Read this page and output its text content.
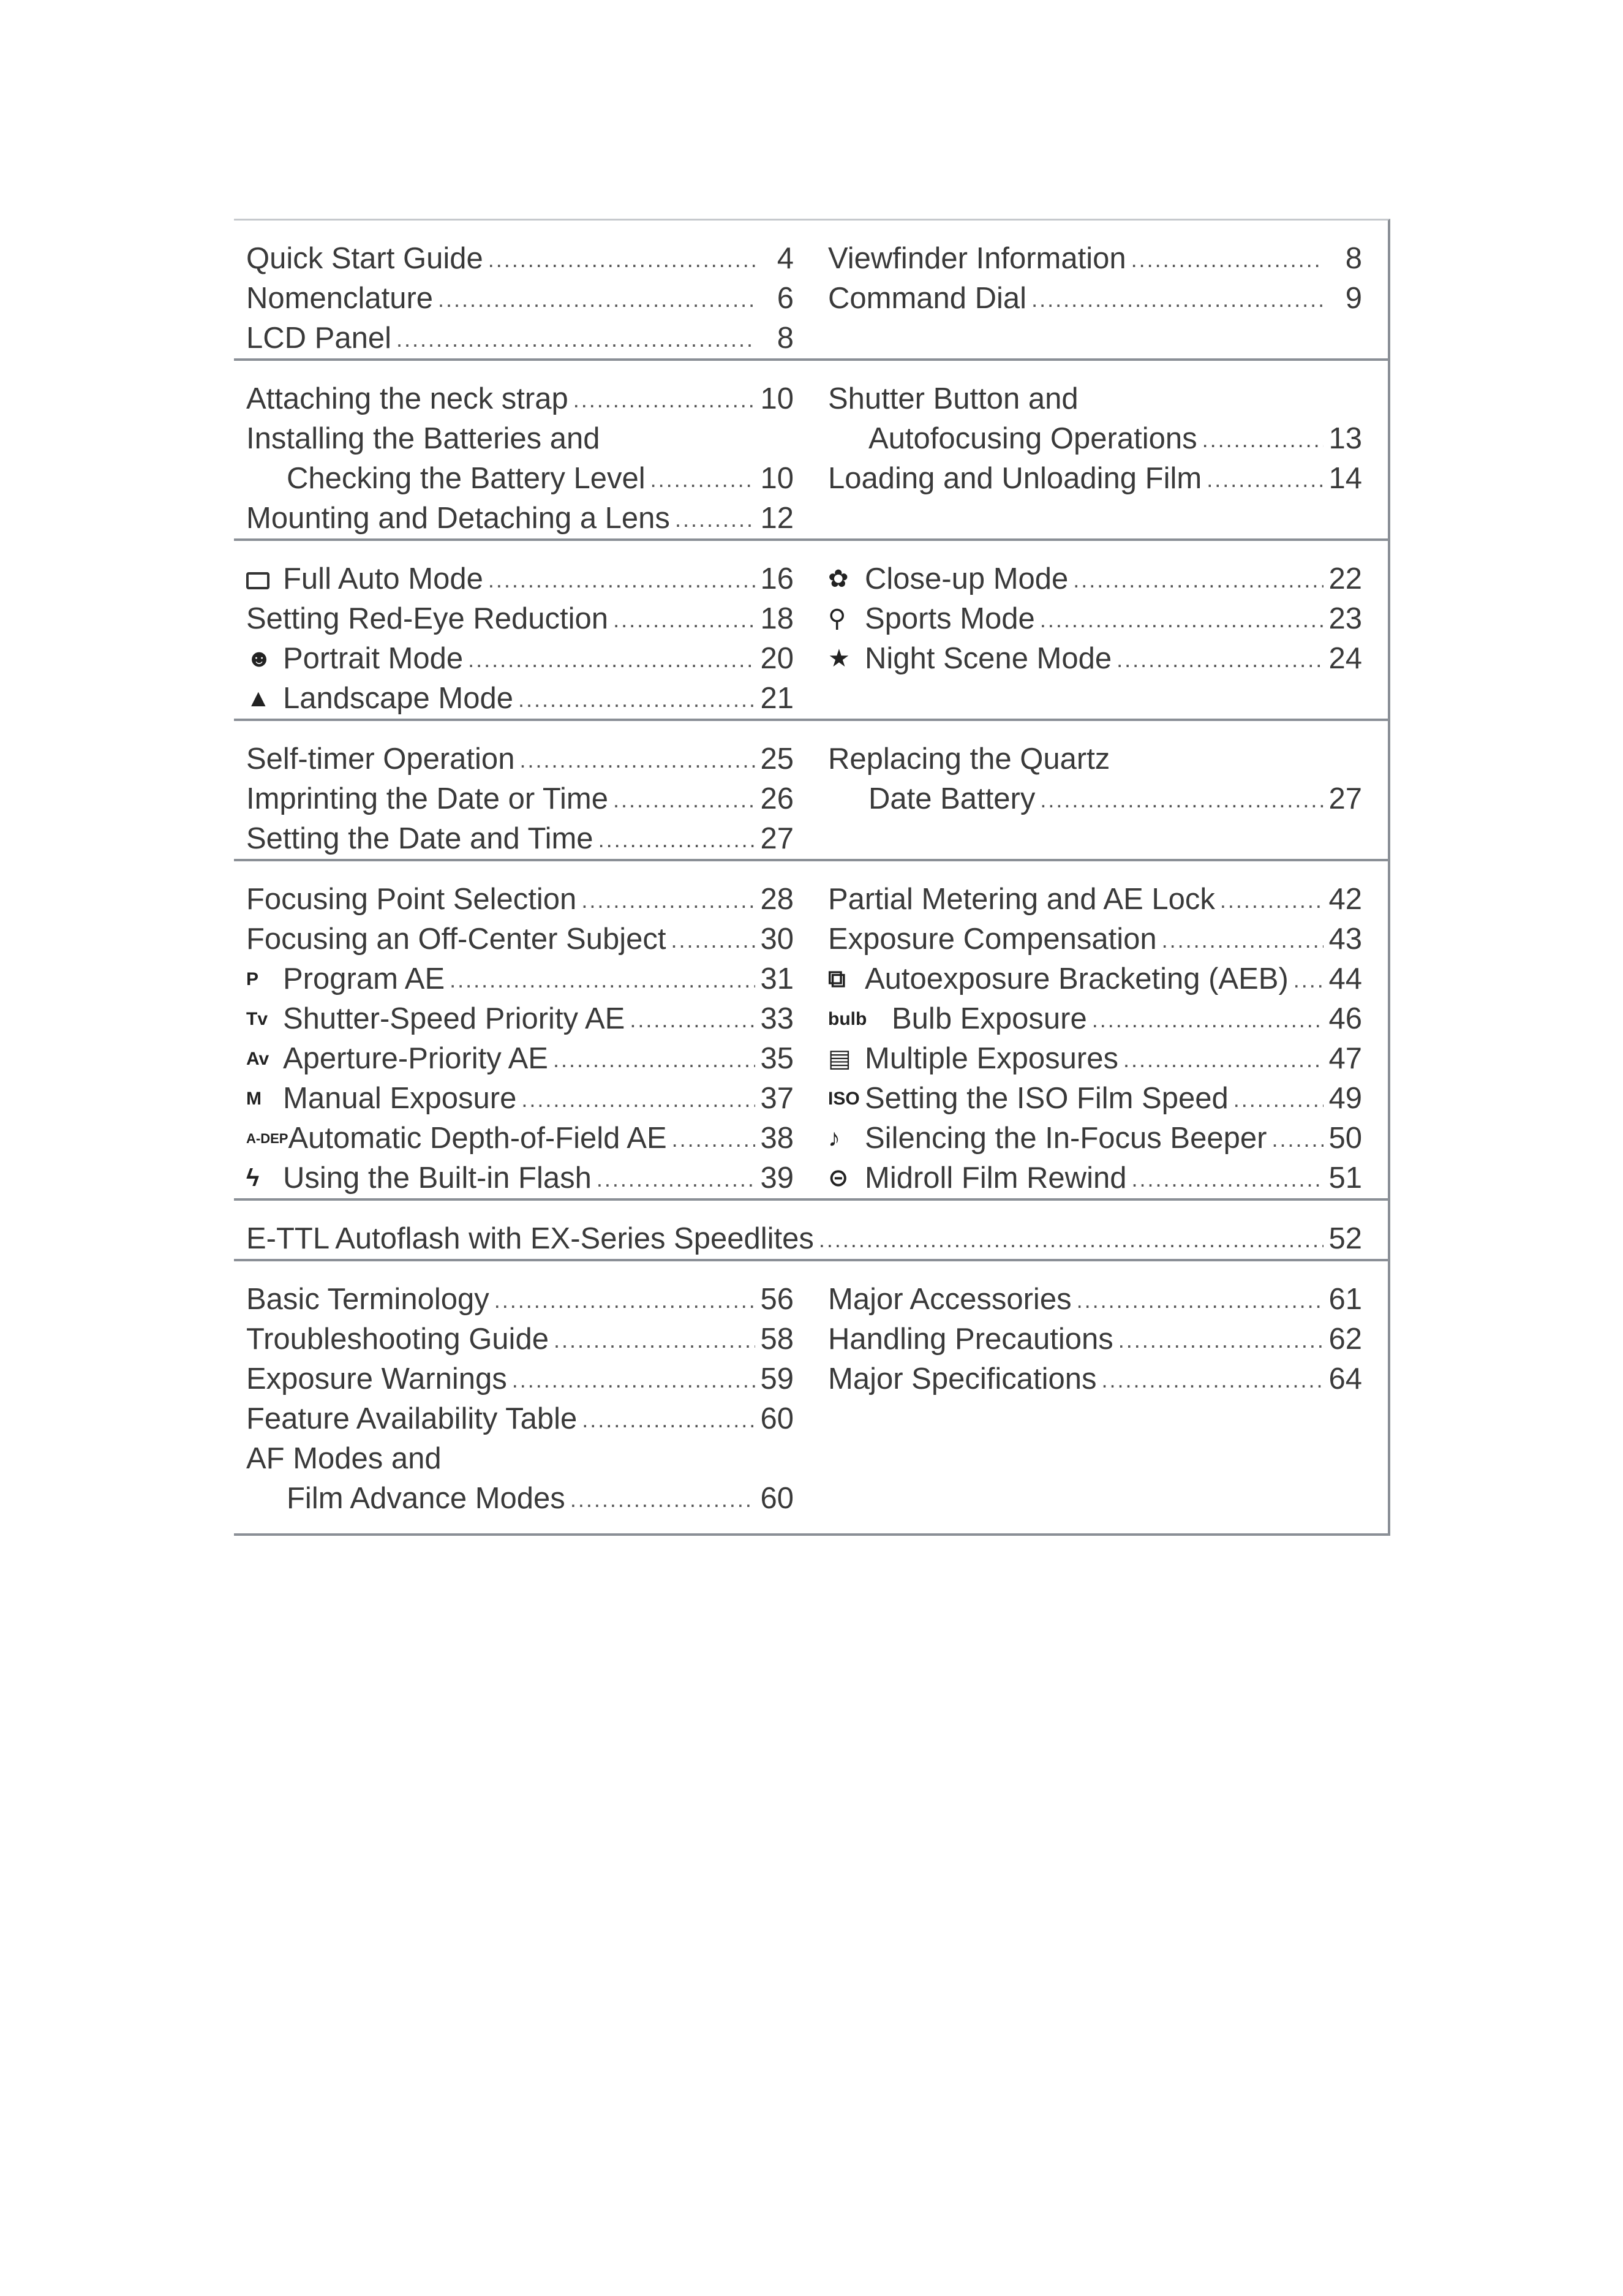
Quick Start Guide .....	4
Nomenclature .....	6
LCD Panel .....	8
Viewfinder Information .....	8
Command Dial .....	9
Attaching the neck strap .....	10
Installing the Batteries and
Checking the Battery Level .....	10
Mounting and Detaching a Lens .....	12
Shutter Button and
Autofocusing Operations .....	13
Loading and Unloading Film .....	14
Full Auto Mode .....	16
Setting Red-Eye Reduction .....	18
☻ Portrait Mode .....	20
▲ Landscape Mode .....	21
✿ Close-up Mode .....	22
⚲ Sports Mode .....	23
★ Night Scene Mode .....	24
Self-timer Operation .....	25
Imprinting the Date or Time .....	26
Setting the Date and Time .....	27
Replacing the Quartz
Date Battery .....	27
Focusing Point Selection .....	28
Focusing an Off-Center Subject .....	30
P Program AE .....	31
Tv Shutter-Speed Priority AE .....	33
Av Aperture-Priority AE .....	35
M Manual Exposure .....	37
A-DEP Automatic Depth-of-Field AE .....	38
ϟ Using the Built-in Flash .....	39
Partial Metering and AE Lock .....	42
Exposure Compensation .....	43
⧉ Autoexposure Bracketing (AEB) ..... 44
bulb Bulb Exposure .....	46
▤ Multiple Exposures .....	47
ISO Setting the ISO Film Speed .....	49
♪ Silencing the In-Focus Beeper ..... 50
⊝ Midroll Film Rewind .....	51
E-TTL Autoflash with EX-Series Speedlites .....	52
Basic Terminology .....	56
Troubleshooting Guide .....	58
Exposure Warnings .....	59
Feature Availability Table .....	60
AF Modes and
Film Advance Modes .....	60
Major Accessories .....	61
Handling Precautions .....	62
Major Specifications .....	64
